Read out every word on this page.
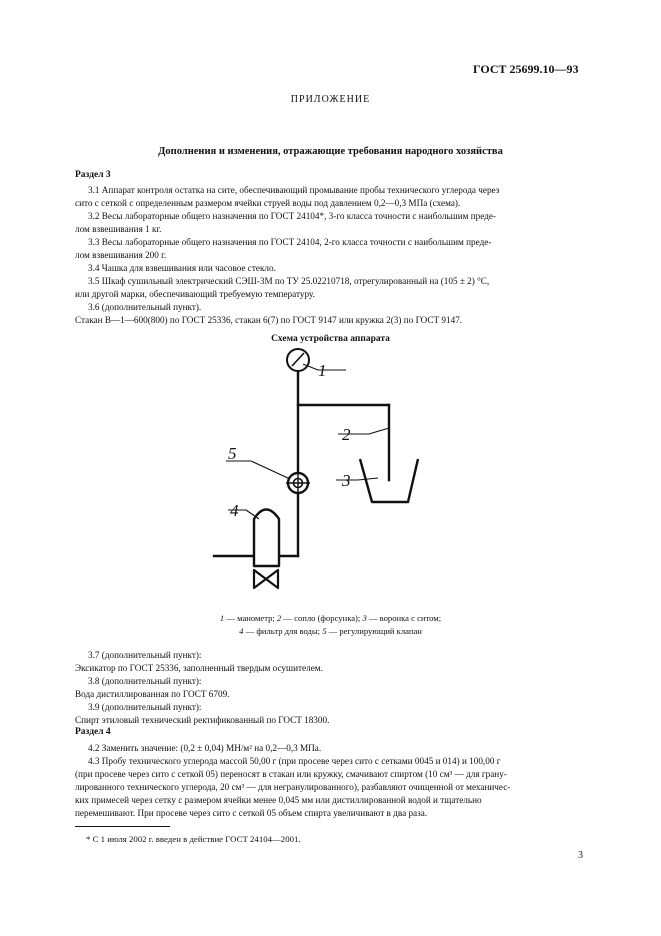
ГОСТ 25699.10—93
ПРИЛОЖЕНИЕ
Дополнения и изменения, отражающие требования народного хозяйства
Раздел 3
3.1 Аппарат контроля остатка на сите, обеспечивающий промывание пробы технического углерода через
сито с сеткой с определенным размером ячейки струей воды под давлением 0,2—0,3 МПа (схема).
3.2 Весы лабораторные общего назначения по ГОСТ 24104*, 3-го класса точности с наибольшим преде-
лом взвешивания 1 кг.
3.3 Весы лабораторные общего назначения по ГОСТ 24104, 2-го класса точности с наибольшим преде-
лом взвешивания 200 г.
3.4 Чашка для взвешивания или часовое стекло.
3.5 Шкаф сушильный электрический СЭШ-3М по ТУ 25.02210718, отрегулированный на (105 ± 2) °С,
или другой марки, обеспечивающий требуемую температуру.
3.6 (дополнительный пункт).
Стакан В—1—600(800) по ГОСТ 25336, стакан 6(7) по ГОСТ 9147 или кружка 2(3) по ГОСТ 9147.
Схема устройства аппарата
1
2
3
4
5
1 — манометр; 2 — сопло (форсунка); 3 — воронка с ситом;
4 — фильтр для воды; 5 — регулирующий клапан
3.7 (дополнительный пункт):
Эксикатор по ГОСТ 25336, заполненный твердым осушителем.
3.8 (дополнительный пункт):
Вода дистиллированная по ГОСТ 6709.
3.9 (дополнительный пункт):
Спирт этиловый технический ректификованный по ГОСТ 18300.
Раздел 4
4.2 Заменить значение: (0,2 ± 0,04) МН/м² на 0,2—0,3 МПа.
4.3 Пробу технического углерода массой 50,00 г (при просеве через сито с сетками 0045 и 014) и 100,00 г
(при просеве через сито с сеткой 05) переносят в стакан или кружку, смачивают спиртом (10 см³ — для грану-
лированного технического углерода, 20 см³ — для негранулированного), разбавляют очищенной от механичес-
ких примесей через сетку с размером ячейки менее 0,045 мм или дистиллированной водой и тщательно
перемешивают. При просеве через сито с сеткой 05 объем спирта увеличивают в два раза.
* С 1 июля 2002 г. введен в действие ГОСТ 24104—2001.
3
